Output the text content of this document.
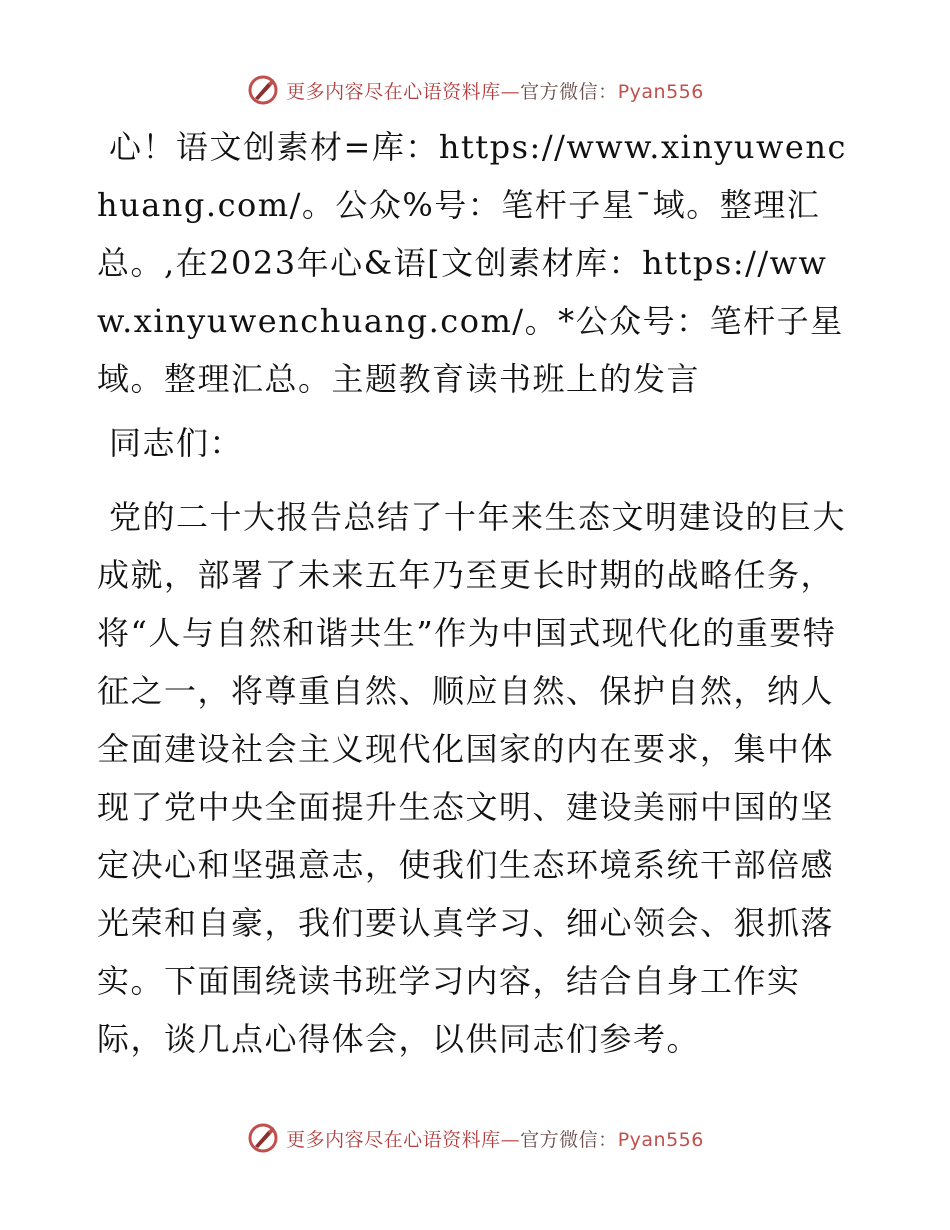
更多内容尽在心语资料库—官方微信：Pyan556

心！语文创素材=库：https://www.xinyuwenchuang.com/。公众%号：笔杆子星¯域。整理汇总。,在2023年心&语[文创素材库：https://www.xinyuwenchuang.com/。*公众号：笔杆子星域。整理汇总。主题教育读书班上的发言

同志们：

党的二十大报告总结了十年来生态文明建设的巨大成就，部署了未来五年乃至更长时期的战略任务，将“人与自然和谐共生”作为中国式现代化的重要特征之一，将尊重自然、顺应自然、保护自然，纳人全面建设社会主义现代化国家的内在要求，集中体现了党中央全面提升生态文明、建设美丽中国的坚定决心和坚强意志，使我们生态环境系统干部倍感光荣和自豪，我们要认真学习、细心领会、狠抓落实。下面围绕读书班学习内容，结合自身工作实际，谈几点心得体会，以供同志们参考。

更多内容尽在心语资料库—官方微信：Pyan556
